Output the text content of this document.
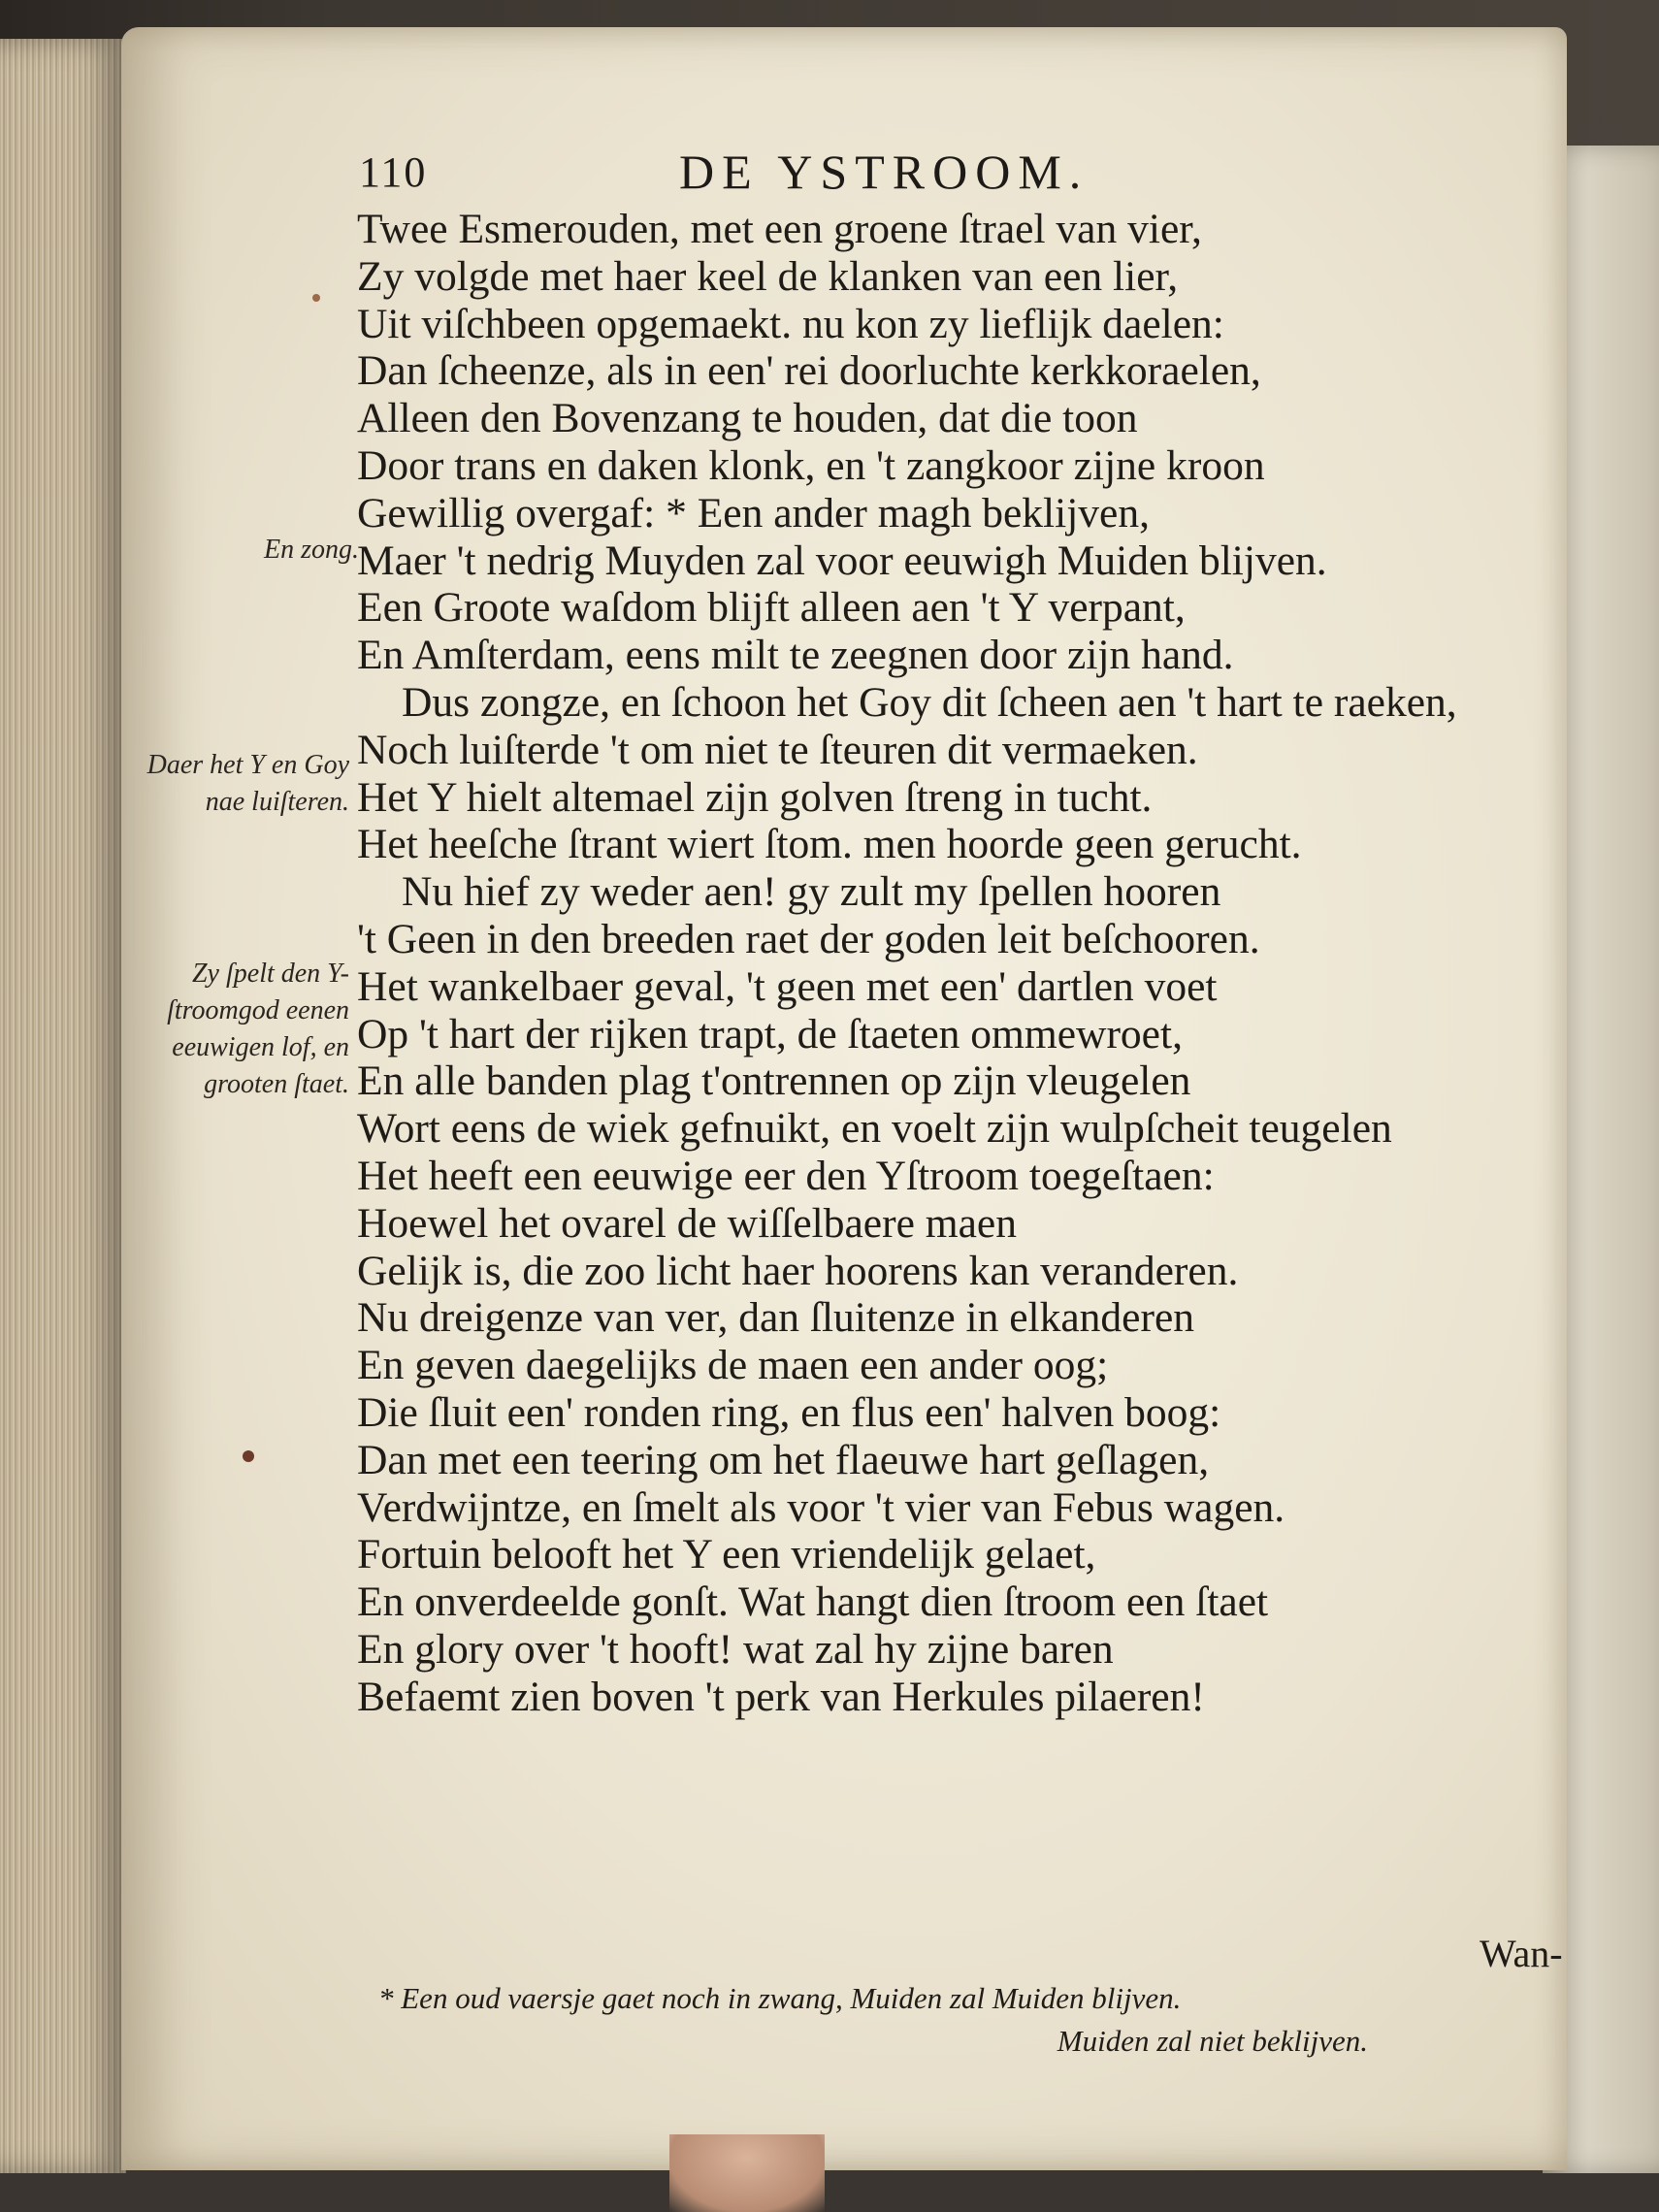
110	DE YSTROOM.
Twee Esmerouden, met een groene ſtrael van vier,
Zy volgde met haer keel de klanken van een lier,
Uit viſchbeen opgemaekt. nu kon zy lieflijk daelen:
Dan ſcheenze, als in een' rei doorluchte kerkkoraelen,
Alleen den Bovenzang te houden, dat die toon
Door trans en daken klonk, en 't zangkoor zijne kroon
Gewillig overgaf: * Een ander magh beklijven,
Maer 't nedrig Muyden zal voor eeuwigh Muiden blijven.
Een Groote waſdom blijft alleen aen 't Y verpant,
En Amſterdam, eens milt te zeegnen door zijn hand.
Dus zongze, en ſchoon het Goy dit ſcheen aen 't hart te raeken,
Noch luiſterde 't om niet te ſteuren dit vermaeken.
Het Y hielt altemael zijn golven ſtreng in tucht.
Het heeſche ſtrant wiert ſtom. men hoorde geen gerucht.
Nu hief zy weder aen! gy zult my ſpellen hooren
't Geen in den breeden raet der goden leit beſchooren.
Het wankelbaer geval, 't geen met een' dartlen voet
Op 't hart der rijken trapt, de ſtaeten ommewroet,
En alle banden plag t'ontrennen op zijn vleugelen
Wort eens de wiek gefnuikt, en voelt zijn wulpſcheit teugelen
Het heeft een eeuwige eer den Yſtroom toegeſtaen:
Hoewel het ovarel de wiſſelbaere maen
Gelijk is, die zoo licht haer hoorens kan veranderen.
Nu dreigenze van ver, dan ſluitenze in elkanderen
En geven daegelijks de maen een ander oog;
Die ſluit een' ronden ring, en flus een' halven boog:
Dan met een teering om het flaeuwe hart geſlagen,
Verdwijntze, en ſmelt als voor 't vier van Febus wagen.
Fortuin belooft het Y een vriendelijk gelaet,
En onverdeelde gonſt. Wat hangt dien ſtroom een ſtaet
En glory over 't hooft! wat zal hy zijne baren
Befaemt zien boven 't perk van Herkules pilaeren!
En zong.
Daer het Y en Goy nae luiſteren.
Zy ſpelt den Y-ſtroomgod eenen eeuwigen lof, en grooten ſtaet.
Wan-
* Een oud vaersje gaet noch in zwang, Muiden zal Muiden blijven.
Muiden zal niet beklijven.
